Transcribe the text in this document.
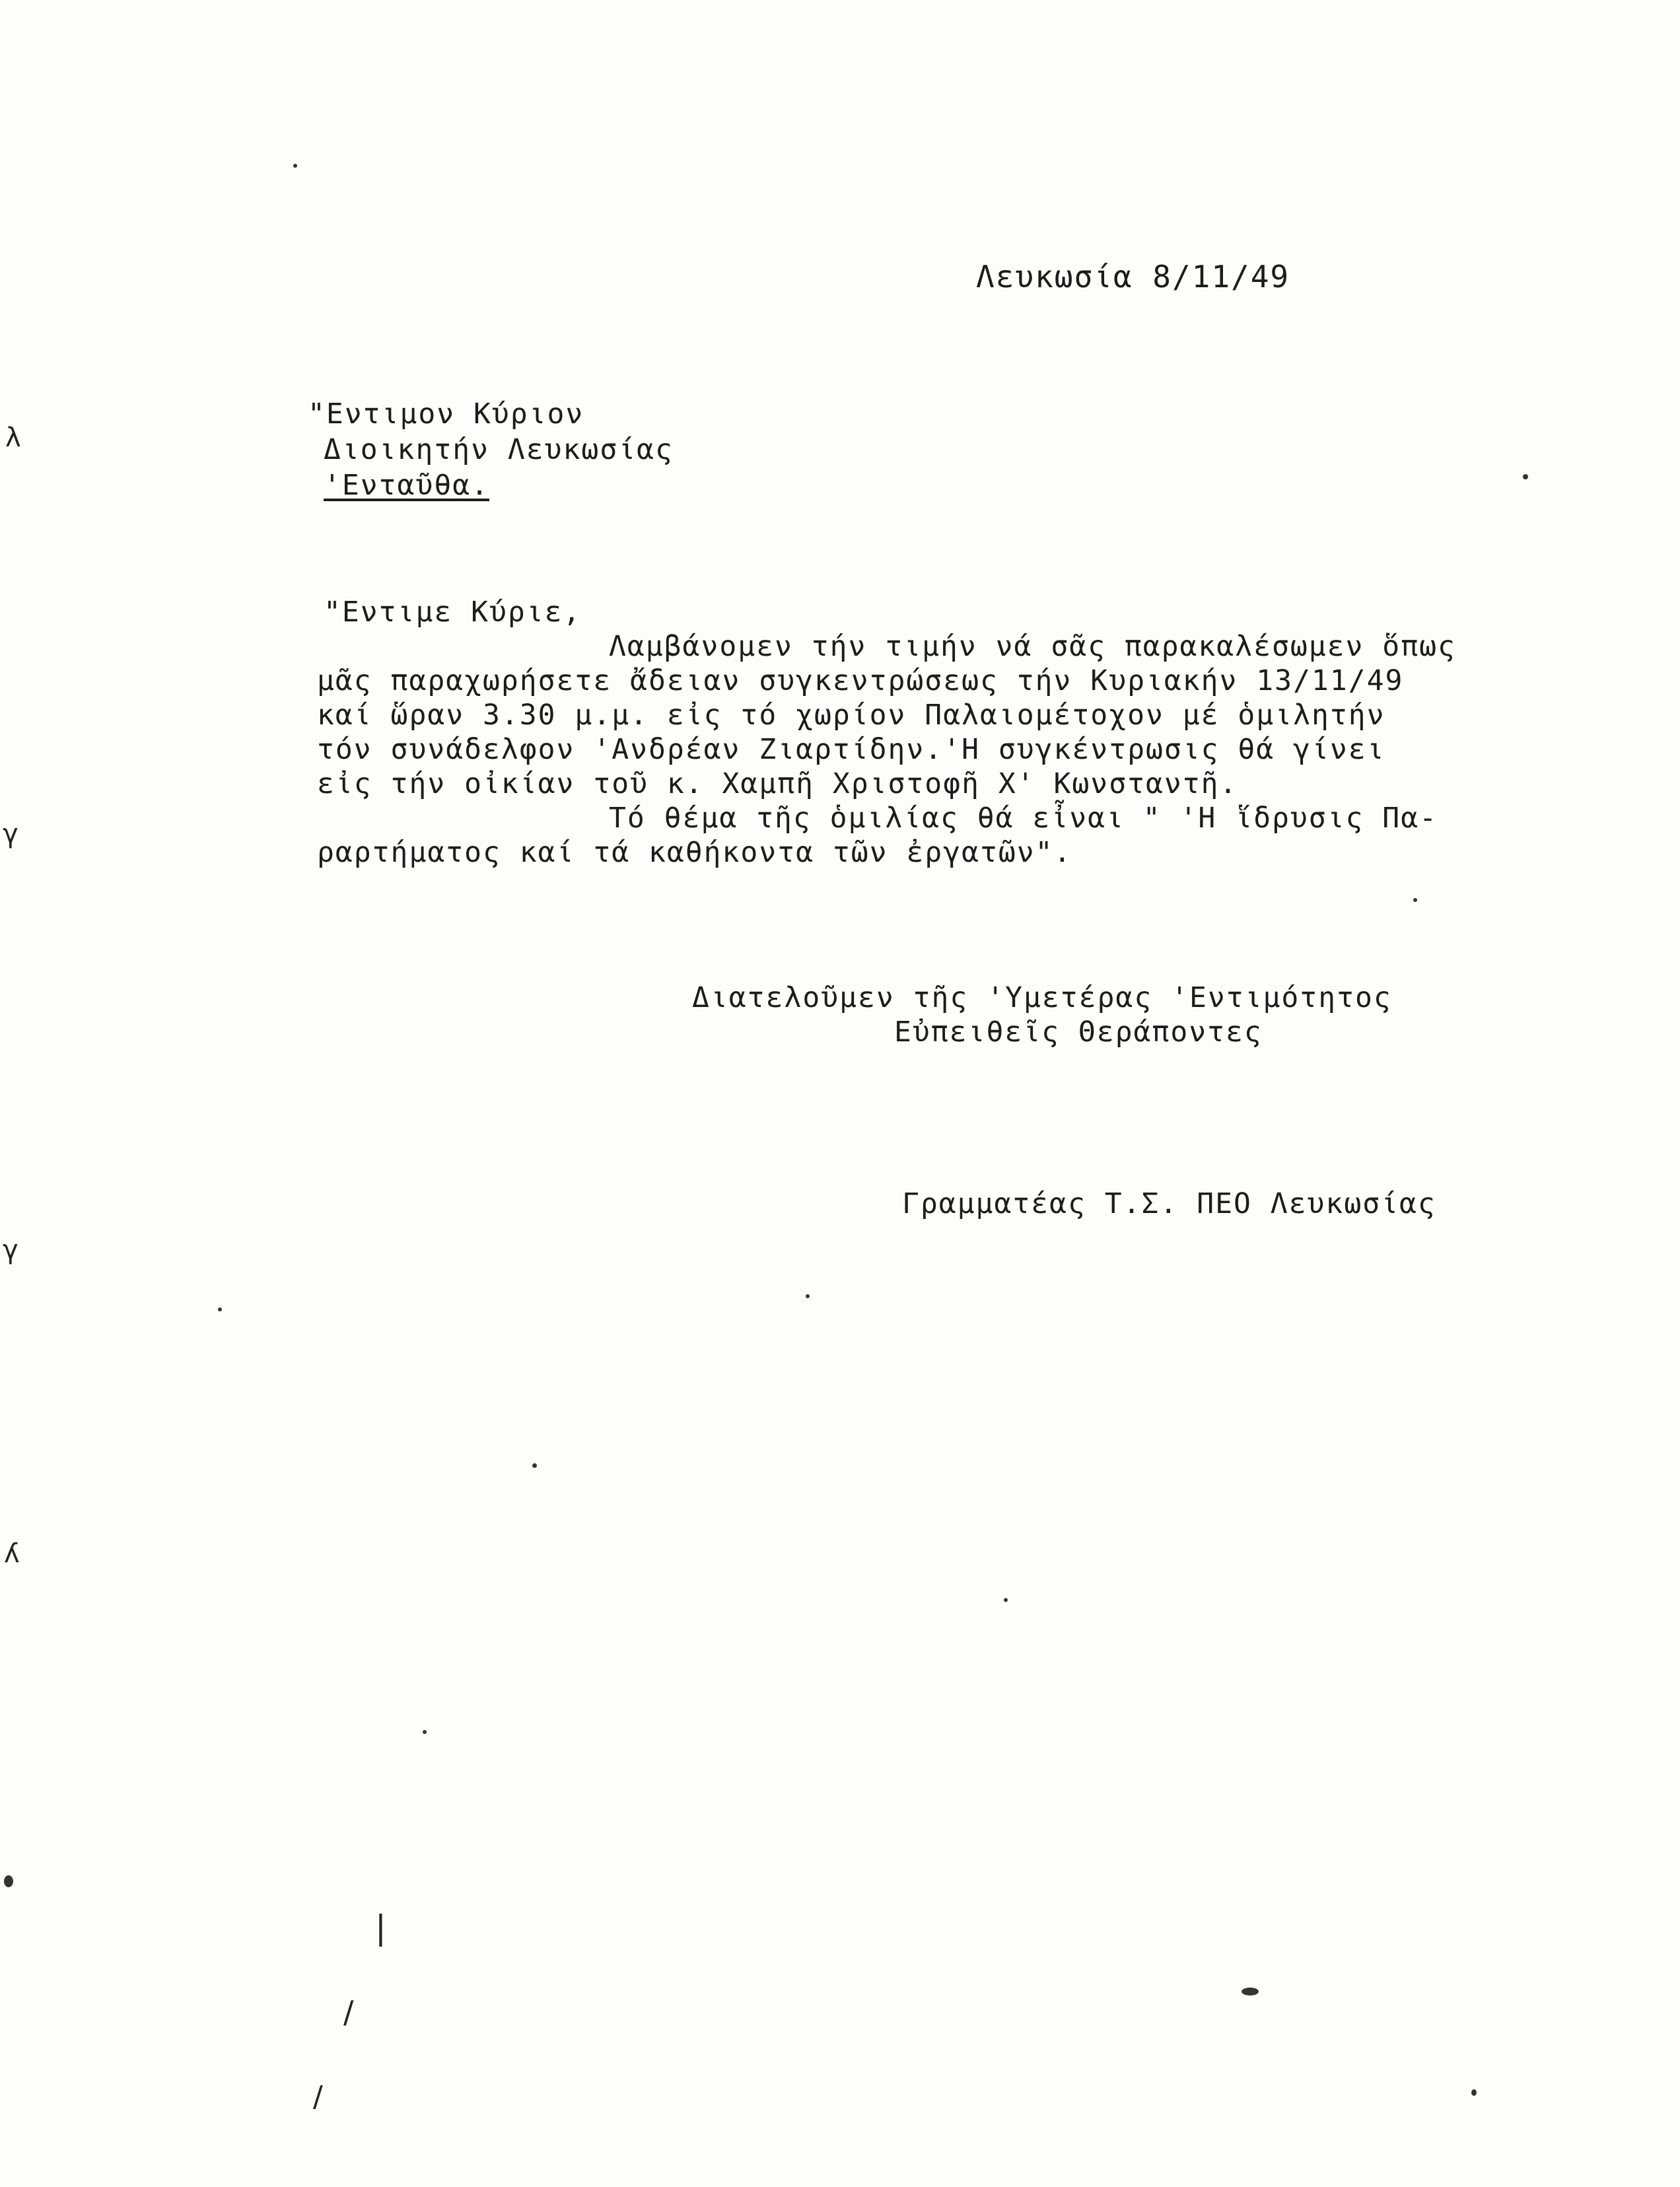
Λευκωσία 8/11/49
"Εντιμον Κύριον
Διοικητήν Λευκωσίας
'Ενταῦθα.
"Εντιμε Κύριε,
Λαμβάνομεν τήν τιμήν νά σᾶς παρακαλέσωμεν ὅπως
μᾶς παραχωρήσετε ἄδειαν συγκεντρώσεως τήν Κυριακήν 13/11/49
καί ὥραν 3.30 μ.μ. εἰς τό χωρίον Παλαιομέτοχον μέ ὁμιλητήν
τόν συνάδελφον 'Ανδρέαν Ζιαρτίδην.'Η συγκέντρωσις θά γίνει
εἰς τήν οἰκίαν τοῦ κ. Χαμπῆ Χριστοφῆ Χ' Κωνσταντῆ.
Τό θέμα τῆς ὁμιλίας θά εἶναι " 'Η ἵδρυσις Πα-
ραρτήματος καί τά καθήκοντα τῶν ἐργατῶν".
Διατελοῦμεν τῆς 'Υμετέρας 'Εντιμότητος
Εὐπειθεῖς Θεράποντες
Γραμματέας Τ.Σ. ΠΕΟ Λευκωσίας
λ
γ
γ
ʎ
|
/
/
